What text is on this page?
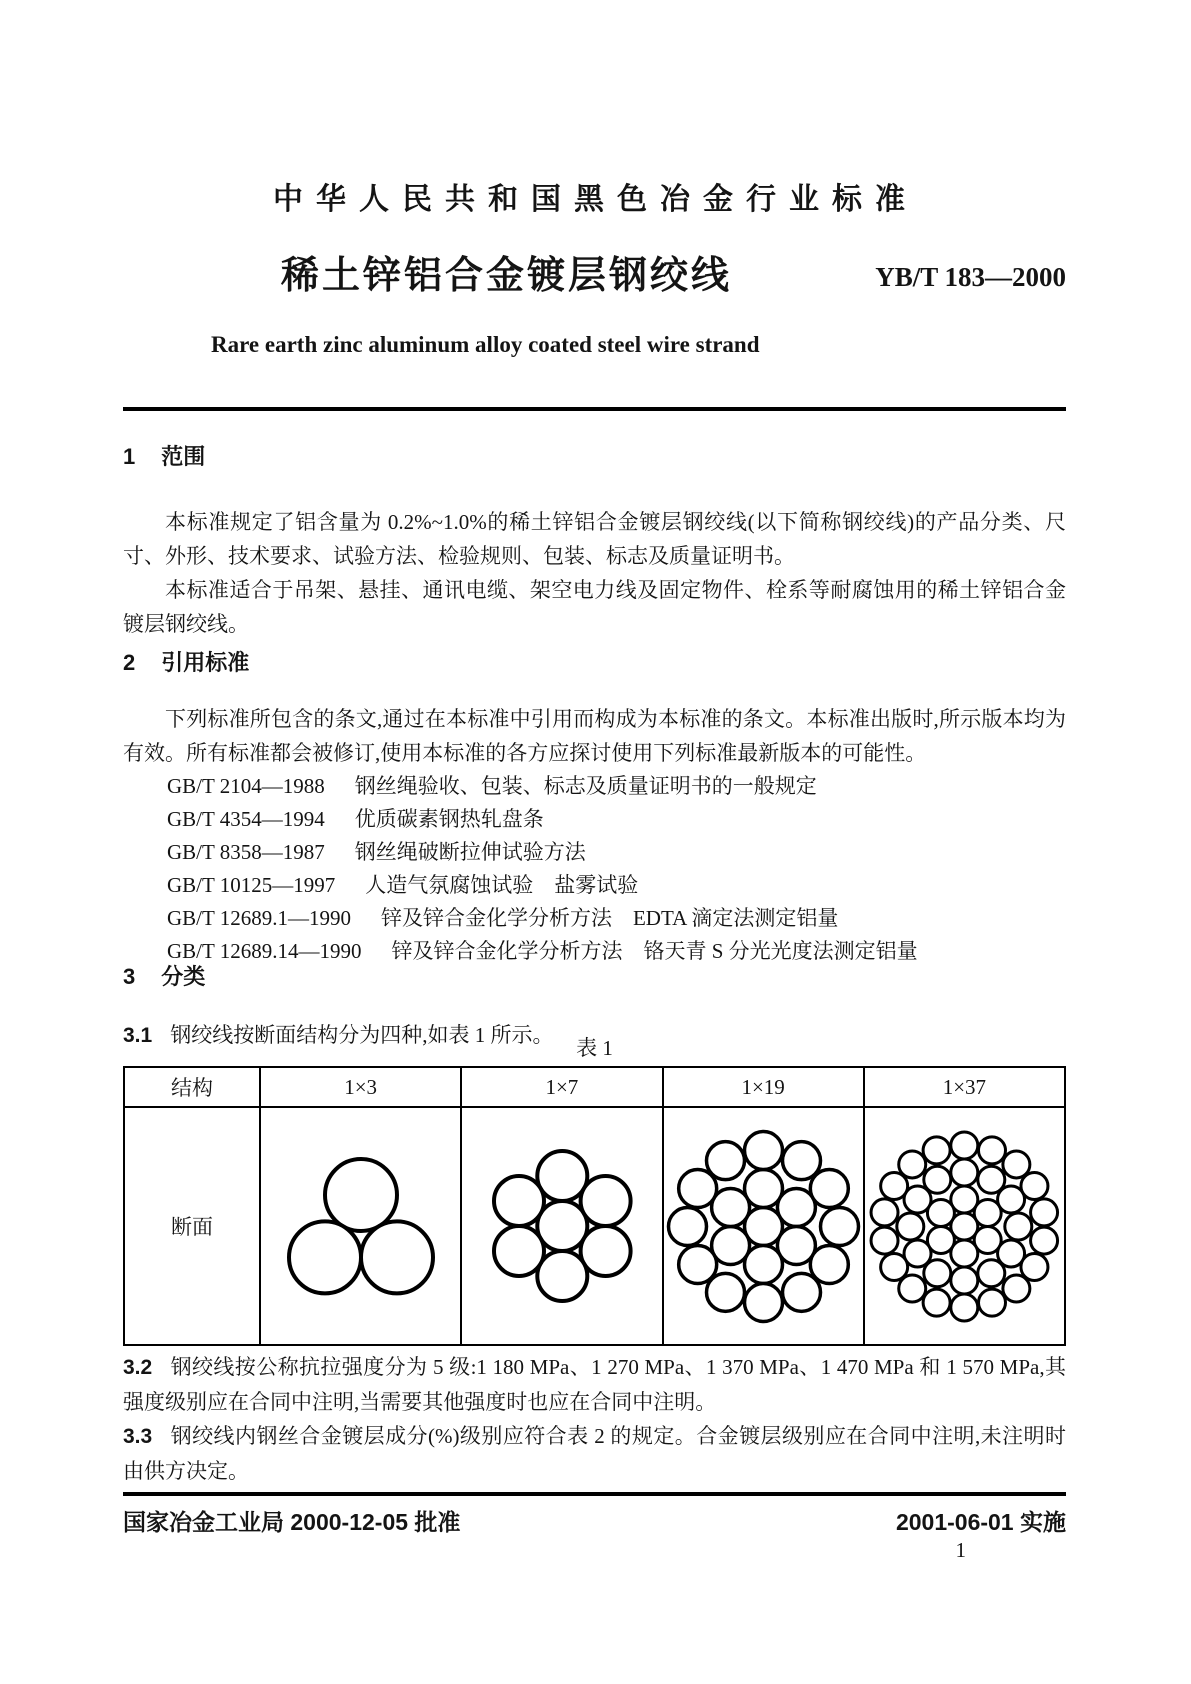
中华人民共和国黑色冶金行业标准
稀土锌铝合金镀层钢绞线	YB/T 183—2000
Rare earth zinc aluminum alloy coated steel wire strand
1 范围

本标准规定了铝含量为 0.2%~1.0%的稀土锌铝合金镀层钢绞线(以下简称钢绞线)的产品分类、尺寸、外形、技术要求、试验方法、检验规则、包装、标志及质量证明书。

本标准适合于吊架、悬挂、通讯电缆、架空电力线及固定物件、栓系等耐腐蚀用的稀土锌铝合金镀层钢绞线。

2 引用标准

下列标准所包含的条文,通过在本标准中引用而构成为本标准的条文。本标准出版时,所示版本均为有效。所有标准都会被修订,使用本标准的各方应探讨使用下列标准最新版本的可能性。

GB/T 2104—1988 钢丝绳验收、包装、标志及质量证明书的一般规定
GB/T 4354—1994 优质碳素钢热轧盘条
GB/T 8358—1987 钢丝绳破断拉伸试验方法
GB/T 10125—1997 人造气氛腐蚀试验　盐雾试验
GB/T 12689.1—1990 锌及锌合金化学分析方法　EDTA 滴定法测定铝量
GB/T 12689.14—1990 锌及锌合金化学分析方法　铬天青 S 分光光度法测定铝量
3 分类

3.1 钢绞线按断面结构分为四种,如表 1 所示。

表 1
结构	1×3	1×7	1×19	1×37
断面	

3.2 钢绞线按公称抗拉强度分为 5 级:1 180 MPa、1 270 MPa、1 370 MPa、1 470 MPa 和 1 570 MPa,其强度级别应在合同中注明,当需要其他强度时也应在合同中注明。

3.3 钢绞线内钢丝合金镀层成分(%)级别应符合表 2 的规定。合金镀层级别应在合同中注明,未注明时由供方决定。

国家冶金工业局 2000-12-05 批准	2001-06-01 实施
1
